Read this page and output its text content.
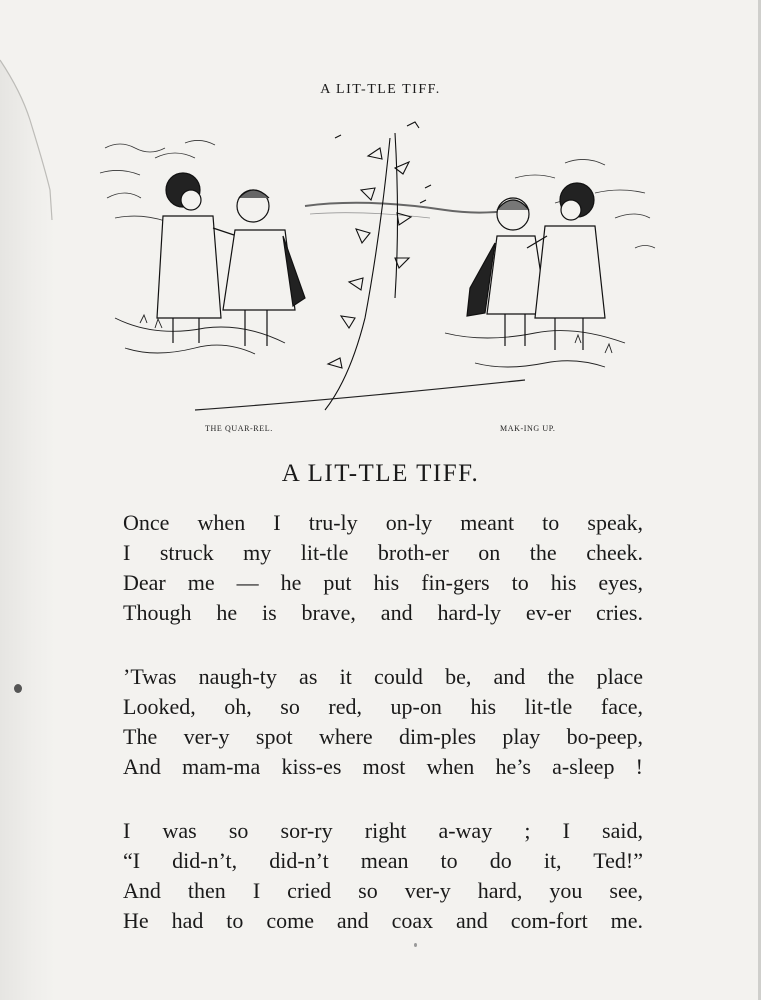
A LIT-TLE TIFF.
THE QUAR-REL.	MAK-ING UP.
A LIT-TLE TIFF.
Once when I tru-ly on-ly meant to speak,
I struck my lit-tle broth-er on the cheek.
Dear me — he put his fin-gers to his eyes,
Though he is brave, and hard-ly ev-er cries.
’Twas naugh-ty as it could be, and the place
Looked, oh, so red, up-on his lit-tle face,
The ver-y spot where dim-ples play bo-peep,
And mam-ma kiss-es most when he’s a-sleep !
I was so sor-ry right a-way ; I said,
“I did-n’t, did-n’t mean to do it, Ted!”
And then I cried so ver-y hard, you see,
He had to come and coax and com-fort me.
